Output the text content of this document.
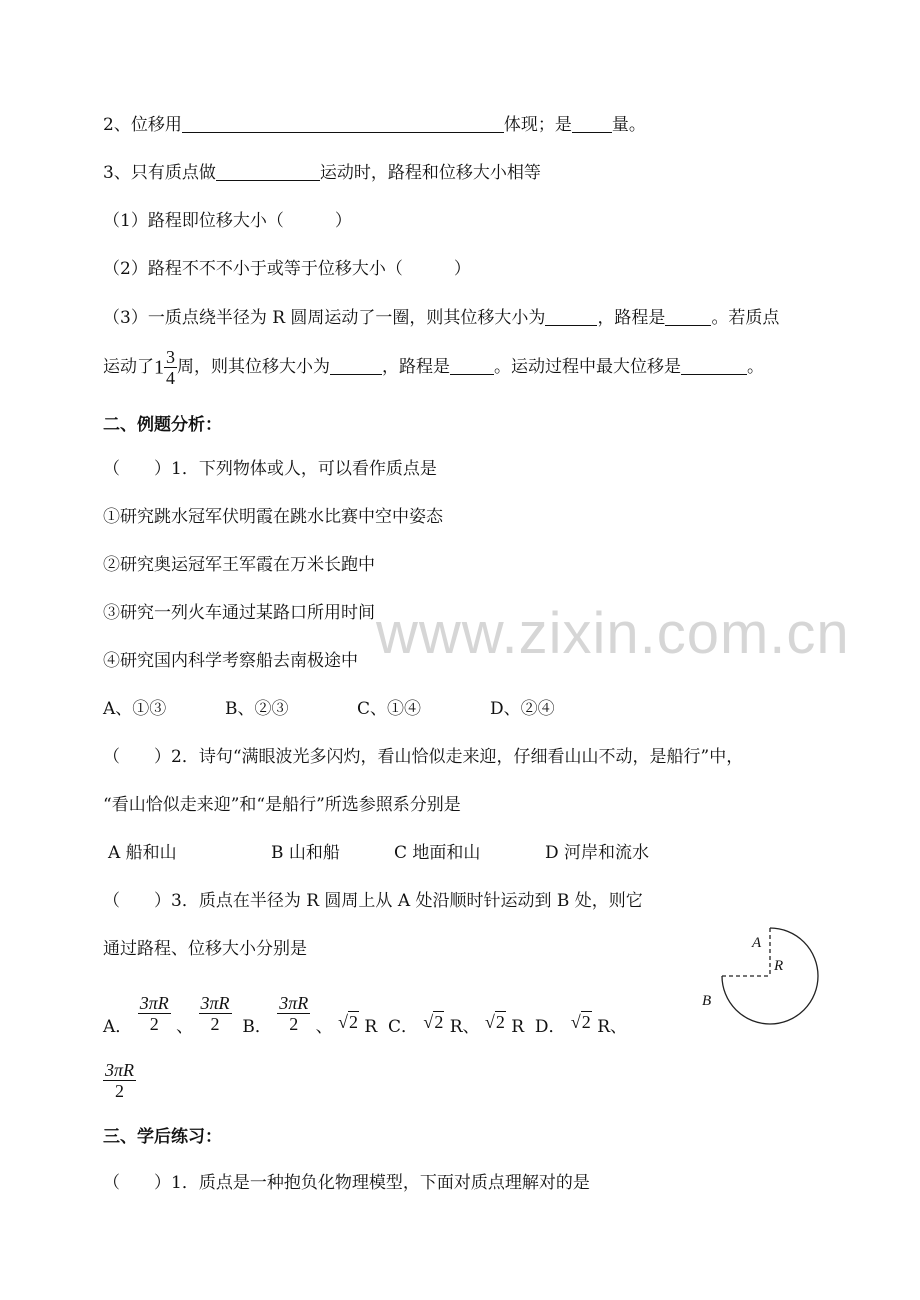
2、位移用	体现；是 量。
3、只有质点做	运动时，路程和位移大小相等
（1）路程即位移大小（　　　）
（2）路程不不不小于或等于位移大小（　　　）
（3）一质点绕半径为 R 圆周运动了一圈，则其位移大小为	，路程是	。若质点
运动了$1 \frac{3}{4}$ 周，则其位移大小为	，路程是	。运动过程中最大位移是	。
二、例题分析：
（　　）1．下列物体或人，可以看作质点是
①研究跳水冠军伏明霞在跳水比赛中空中姿态
②研究奥运冠军王军霞在万米长跑中
③研究一列火车通过某路口所用时间
④研究国内科学考察船去南极途中
A、①③	B、②③	C、①④	D、②④
（　　）2．诗句“满眼波光多闪灼，看山恰似走来迎，仔细看山山不动，是船行”中，
“看山恰似走来迎”和“是船行”所选参照系分别是
A 船和山	B 山和船	C 地面和山	D 河岸和流水
（　　）3．质点在半径为 R 圆周上从 A 处沿顺时针运动到 B 处，则它
通过路程、位移大小分别是
A． $\frac{3\pi R}{2}$ 、 $\frac{3\pi R}{2}$ B． $\frac{3\pi R}{2}$ 、 √2 R C． √2 R、 √2 R D． √2 R、
$\frac{3\pi R}{2}$
A
R
B
三、学后练习：
（　　）1．质点是一种抱负化物理模型，下面对质点理解对的是
www.zixin.com.cn
